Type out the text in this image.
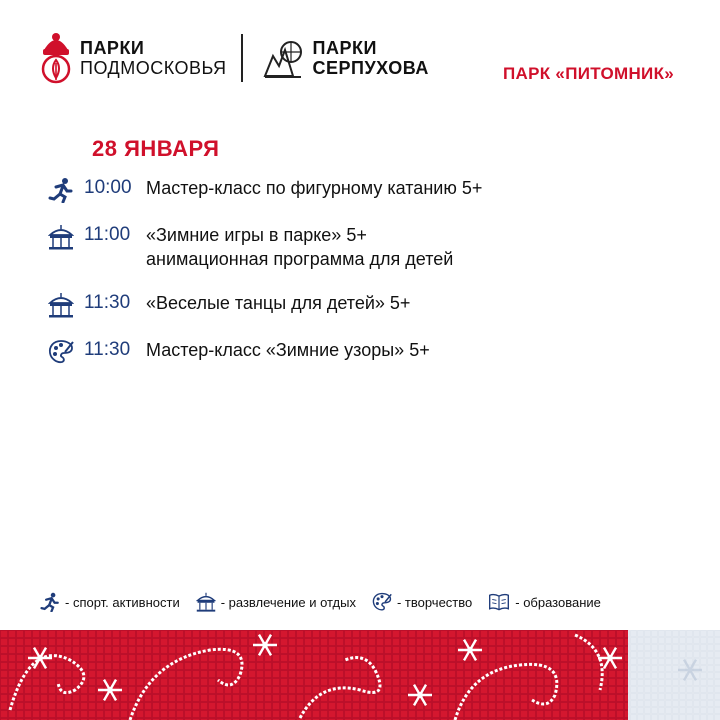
ПАРКИ
ПОДМОСКОВЬЯ
ПАРКИ
СЕРПУХОВА	ПАРК «ПИТОМНИК»
28 ЯНВАРЯ
10:00 Мастер-класс по фигурному катанию 5+
11:00 «Зимние игры в парке» 5+
анимационная программа для детей
11:30 «Веселые танцы для детей» 5+
11:30 Мастер-класс «Зимние узоры» 5+
- спорт. активности	- развлечение и отдых	- творчество	- образование
